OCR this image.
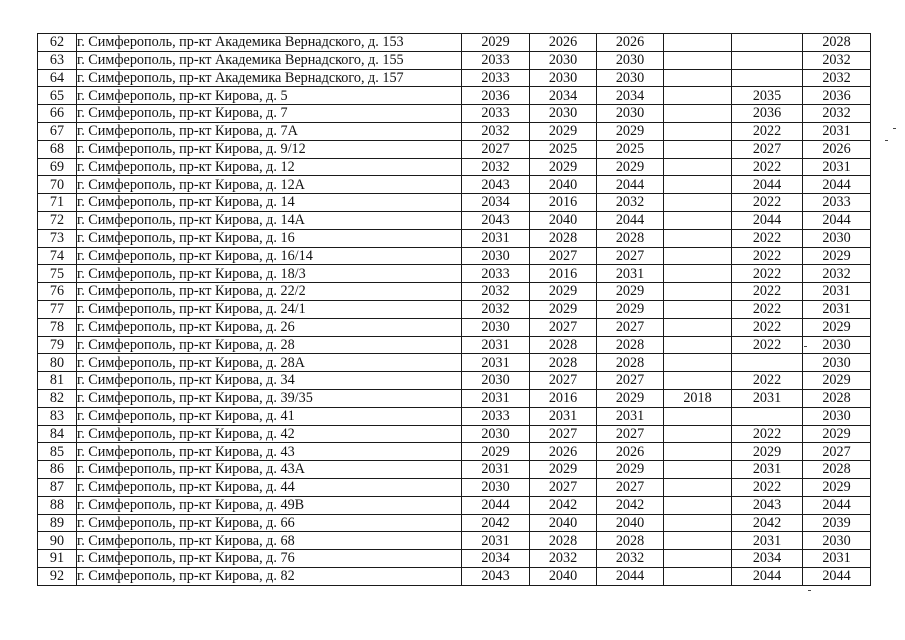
62	г. Симферополь, пр-кт Академика Вернадского, д. 153	2029	2026	2026			2028
63	г. Симферополь, пр-кт Академика Вернадского, д. 155	2033	2030	2030			2032
64	г. Симферополь, пр-кт Академика Вернадского, д. 157	2033	2030	2030			2032
65	г. Симферополь, пр-кт Кирова, д. 5	2036	2034	2034		2035	2036
66	г. Симферополь, пр-кт Кирова, д. 7	2033	2030	2030		2036	2032
67	г. Симферополь, пр-кт Кирова, д. 7А	2032	2029	2029		2022	2031
68	г. Симферополь, пр-кт Кирова, д. 9/12	2027	2025	2025		2027	2026
69	г. Симферополь, пр-кт Кирова, д. 12	2032	2029	2029		2022	2031
70	г. Симферополь, пр-кт Кирова, д. 12А	2043	2040	2044		2044	2044
71	г. Симферополь, пр-кт Кирова, д. 14	2034	2016	2032		2022	2033
72	г. Симферополь, пр-кт Кирова, д. 14А	2043	2040	2044		2044	2044
73	г. Симферополь, пр-кт Кирова, д. 16	2031	2028	2028		2022	2030
74	г. Симферополь, пр-кт Кирова, д. 16/14	2030	2027	2027		2022	2029
75	г. Симферополь, пр-кт Кирова, д. 18/3	2033	2016	2031		2022	2032
76	г. Симферополь, пр-кт Кирова, д. 22/2	2032	2029	2029		2022	2031
77	г. Симферополь, пр-кт Кирова, д. 24/1	2032	2029	2029		2022	2031
78	г. Симферополь, пр-кт Кирова, д. 26	2030	2027	2027		2022	2029
79	г. Симферополь, пр-кт Кирова, д. 28	2031	2028	2028		2022	2030
80	г. Симферополь, пр-кт Кирова, д. 28А	2031	2028	2028			2030
81	г. Симферополь, пр-кт Кирова, д. 34	2030	2027	2027		2022	2029
82	г. Симферополь, пр-кт Кирова, д. 39/35	2031	2016	2029	2018	2031	2028
83	г. Симферополь, пр-кт Кирова, д. 41	2033	2031	2031			2030
84	г. Симферополь, пр-кт Кирова, д. 42	2030	2027	2027		2022	2029
85	г. Симферополь, пр-кт Кирова, д. 43	2029	2026	2026		2029	2027
86	г. Симферополь, пр-кт Кирова, д. 43А	2031	2029	2029		2031	2028
87	г. Симферополь, пр-кт Кирова, д. 44	2030	2027	2027		2022	2029
88	г. Симферополь, пр-кт Кирова, д. 49В	2044	2042	2042		2043	2044
89	г. Симферополь, пр-кт Кирова, д. 66	2042	2040	2040		2042	2039
90	г. Симферополь, пр-кт Кирова, д. 68	2031	2028	2028		2031	2030
91	г. Симферополь, пр-кт Кирова, д. 76	2034	2032	2032		2034	2031
92	г. Симферополь, пр-кт Кирова, д. 82	2043	2040	2044		2044	2044
